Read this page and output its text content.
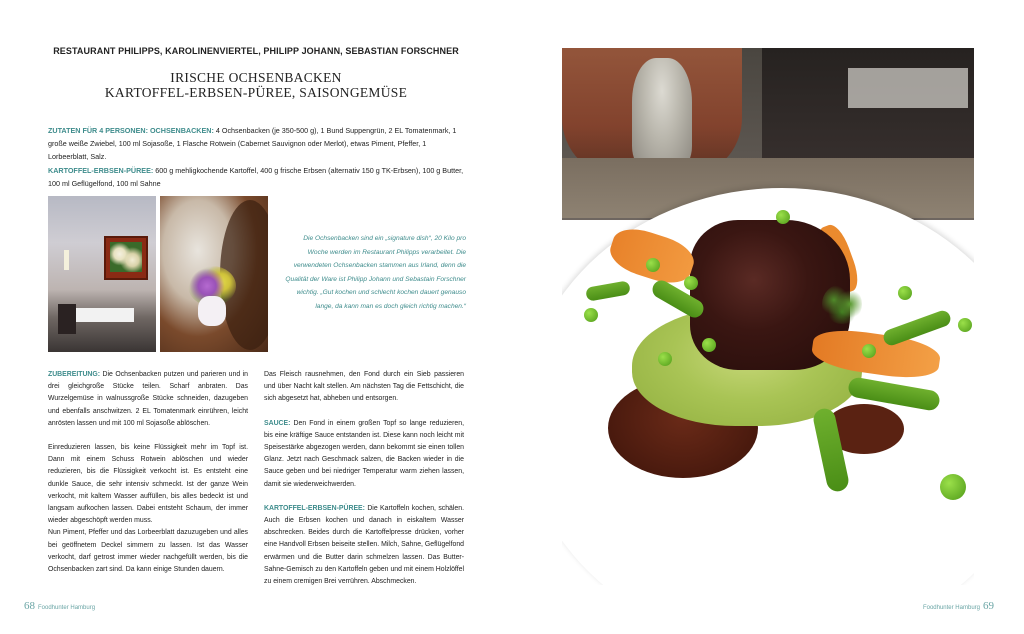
RESTAURANT PHILIPPS, KAROLINENVIERTEL, PHILIPP JOHANN, SEBASTIAN FORSCHNER
IRISCHE OCHSENBACKEN
KARTOFFEL-ERBSEN-PÜREE, SAISONGEMÜSE
ZUTATEN FÜR 4 PERSONEN: OCHSENBACKEN: 4 Ochsenbacken (je 350-500 g), 1 Bund Suppengrün, 2 EL Tomatenmark, 1 große weiße Zwiebel, 100 ml Sojasoße, 1 Flasche Rotwein (Cabernet Sauvignon oder Merlot), etwas Piment, Pfeffer, 1 Lorbeerblatt, Salz.
KARTOFFEL-ERBSEN-PÜREE: 600 g mehligkochende Kartoffel, 400 g frische Erbsen (alternativ 150 g TK-Erbsen), 100 g Butter, 100 ml Geflügelfond, 100 ml Sahne
Die Ochsenbacken sind ein „signature dish“, 20 Kilo pro Woche werden im Restaurant Philipps verarbeitet. Die verwendeten Ochsenbacken stammen aus Irland, denn die Qualität der Ware ist Philipp Johann und Sebastain Forschner wichtig. „Gut kochen und schlecht kochen dauert genauso lange, da kann man es doch gleich richtig machen.“

ZUBEREITUNG: Die Ochsenbacken putzen und parieren und in drei gleichgroße Stücke teilen. Scharf anbraten. Das Wurzelgemüse in walnussgroße Stücke schneiden, dazugeben und ebenfalls anschwitzen. 2 EL Tomatenmark einrühren, leicht anrösten lassen und mit 100 ml Sojasoße ablöschen.

Einreduzieren lassen, bis keine Flüssigkeit mehr im Topf ist. Dann mit einem Schuss Rotwein ablöschen und wieder reduzieren, bis die Flüssigkeit verkocht ist. Es entsteht eine dunkle Sauce, die sehr intensiv schmeckt. Ist der ganze Wein verkocht, mit kaltem Wasser auffüllen, bis alles bedeckt ist und langsam aufkochen lassen. Dabei entsteht Schaum, der immer wieder abgeschöpft werden muss.

Nun Piment, Pfeffer und das Lorbeerblatt dazuzugeben und alles bei geöffnetem Deckel simmern zu lassen. Ist das Wasser verkocht, darf getrost immer wieder nachgefüllt werden, bis die Ochsenbacken zart sind. Da kann einige Stunden dauern.

Das Fleisch rausnehmen, den Fond durch ein Sieb passieren und über Nacht kalt stellen. Am nächsten Tag die Fettschicht, die sich abgesetzt hat, abheben und entsorgen.

SAUCE: Den Fond in einem großen Topf so lange reduzieren, bis eine kräftige Sauce entstanden ist. Diese kann noch leicht mit Speisestärke abgezogen werden, dann bekommt sie einen tollen Glanz. Jetzt nach Geschmack salzen, die Backen wieder in die Sauce geben und bei niedriger Temperatur warm ziehen lassen, damit sie wiederweichwerden.

KARTOFFEL-ERBSEN-PÜREE: Die Kartoffeln kochen, schälen. Auch die Erbsen kochen und danach in eiskaltem Wasser abschrecken. Beides durch die Kartoffelpresse drücken, vorher eine Handvoll Erbsen beiseite stellen. Milch, Sahne, Geflügelfond erwärmen und die Butter darin schmelzen lassen. Das Butter-Sahne-Gemisch zu den Kartoffeln geben und mit einem Holzlöffel zu einem cremigen Brei verrühren. Abschmecken.

68 Foodhunter Hamburg	Foodhunter Hamburg 69
